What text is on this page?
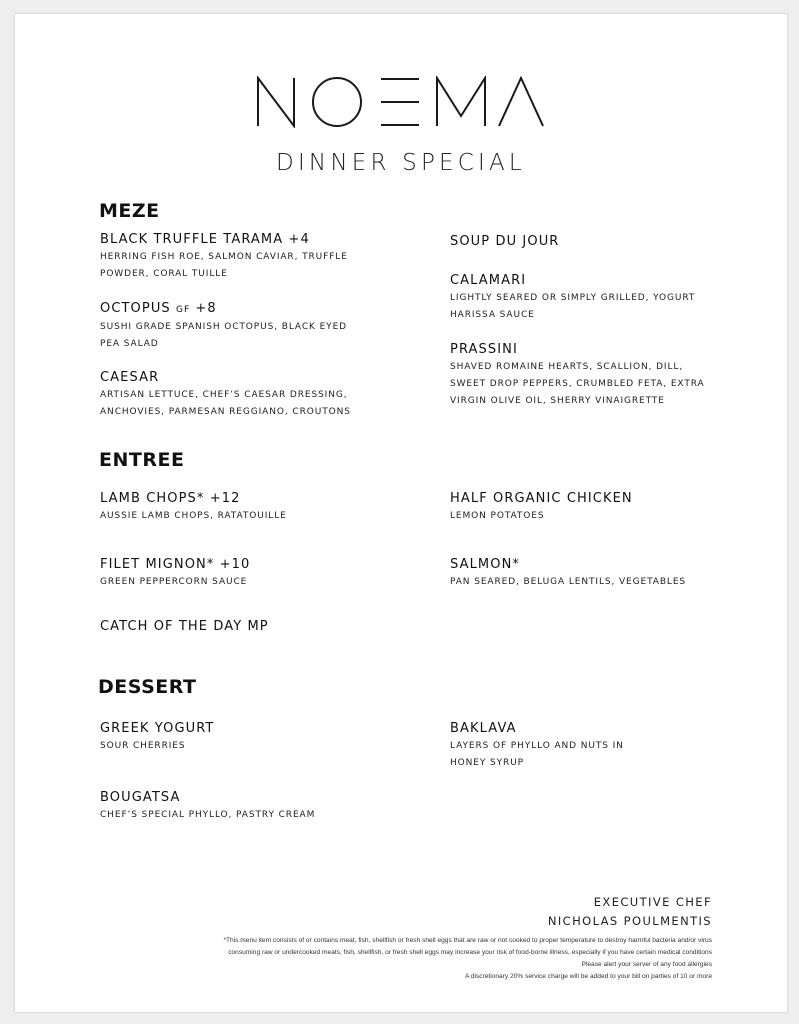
DINNER SPECIAL
MEZE
BLACK TRUFFLE TARAMA +4
HERRING FISH ROE, SALMON CAVIAR, TRUFFLE POWDER, CORAL TUILLE
OCTOPUS GF +8
SUSHI GRADE SPANISH OCTOPUS, BLACK EYED PEA SALAD
CAESAR
ARTISAN LETTUCE, CHEF’S CAESAR DRESSING, ANCHOVIES, PARMESAN REGGIANO, CROUTONS
SOUP DU JOUR
CALAMARI
LIGHTLY SEARED OR SIMPLY GRILLED, YOGURT HARISSA SAUCE
PRASSINI
SHAVED ROMAINE HEARTS, SCALLION, DILL, SWEET DROP PEPPERS, CRUMBLED FETA, EXTRA VIRGIN OLIVE OIL, SHERRY VINAIGRETTE
ENTREE
LAMB CHOPS* +12
AUSSIE LAMB CHOPS, RATATOUILLE
FILET MIGNON* +10
GREEN PEPPERCORN SAUCE
CATCH OF THE DAY MP
HALF ORGANIC CHICKEN
LEMON POTATOES
SALMON*
PAN SEARED, BELUGA LENTILS, VEGETABLES
DESSERT
GREEK YOGURT
SOUR CHERRIES
BOUGATSA
CHEF’S SPECIAL PHYLLO, PASTRY CREAM
BAKLAVA
LAYERS OF PHYLLO AND NUTS IN HONEY SYRUP
EXECUTIVE CHEF
NICHOLAS POULMENTIS
*This menu item consists of or contains meat, fish, shellfish or fresh shell eggs that are raw or not cooked to proper temperature to destroy harmful bacteria and/or virus
consuming raw or undercooked meats, fish, shellfish, or fresh shell eggs may increase your risk of food-borne illness, especially if you have certain medical conditions
Please alert your server of any food allergies
A discretionary 20% service charge will be added to your bill on parties of 10 or more
